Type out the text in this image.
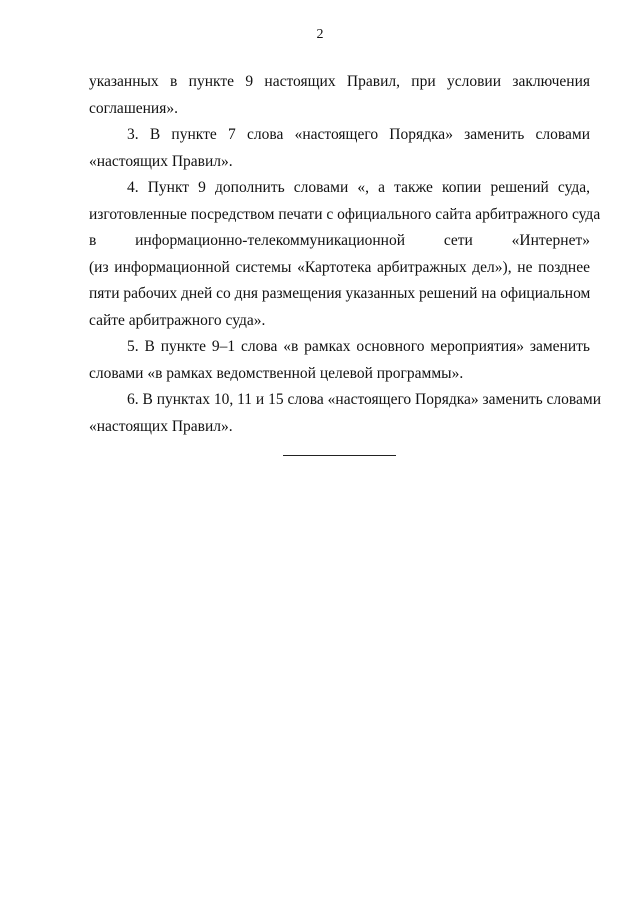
2
указанных в пункте 9 настоящих Правил, при условии заключения
соглашения».
3. В пункте 7 слова «настоящего Порядка» заменить словами
«настоящих Правил».
4. Пункт 9 дополнить словами «, а также копии решений суда,
изготовленные посредством печати с официального сайта арбитражного суда
в информационно-телекоммуникационной сети «Интернет»
(из информационной системы «Картотека арбитражных дел»), не позднее
пяти рабочих дней со дня размещения указанных решений на официальном
сайте арбитражного суда».
5. В пункте 9–1 слова «в рамках основного мероприятия» заменить
словами «в рамках ведомственной целевой программы».
6. В пунктах 10, 11 и 15 слова «настоящего Порядка» заменить словами
«настоящих Правил».
